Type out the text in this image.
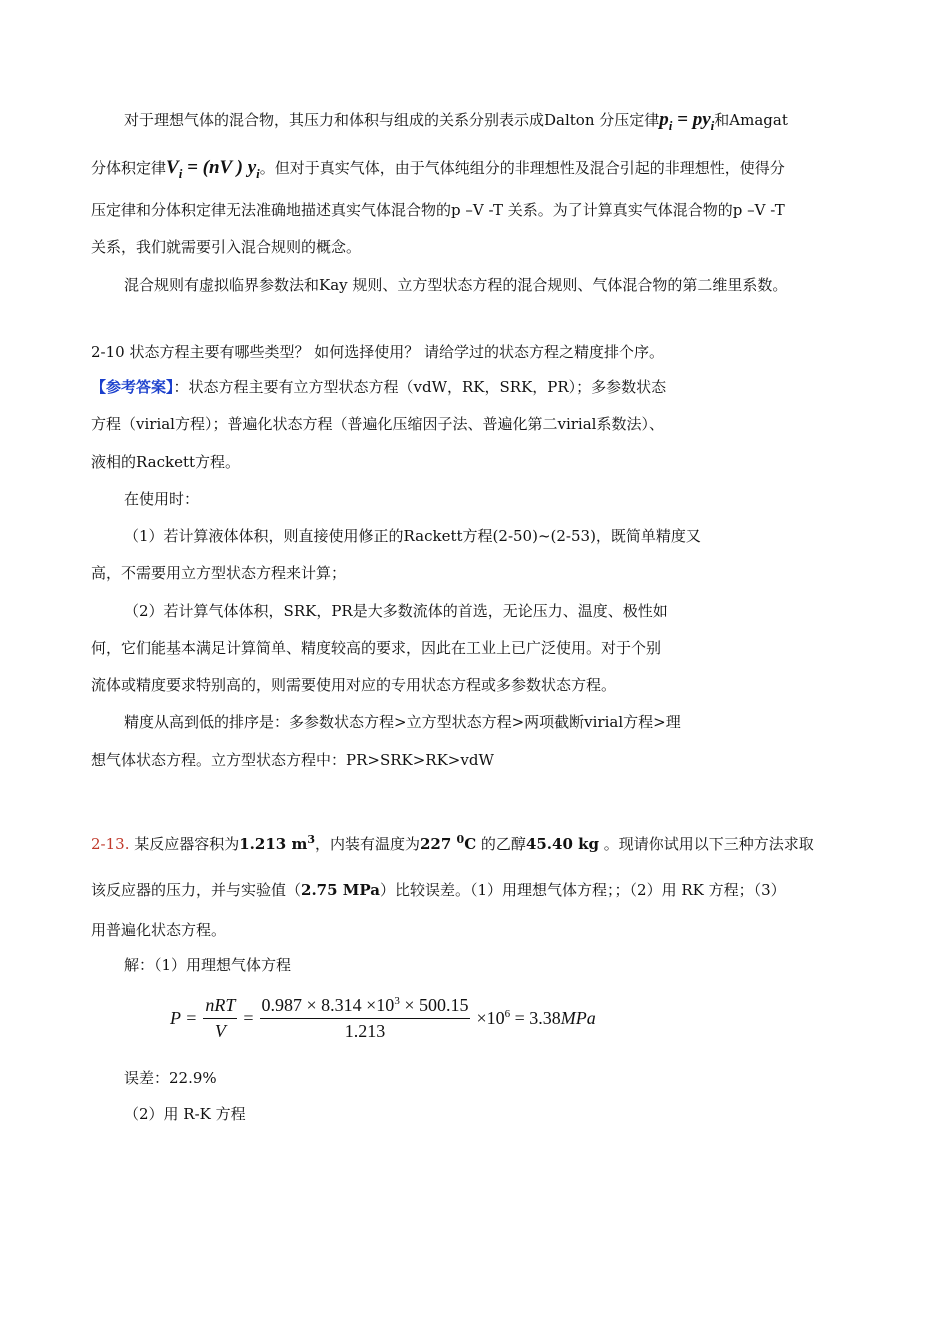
对于理想气体的混合物，其压力和体积与组成的关系分别表示成Dalton 分压定律$p_i = py_i$和Amagat
分体积定律$V_i = (nV$ ) $y_i$。但对于真实气体，由于气体纯组分的非理想性及混合引起的非理想性，使得分
压定律和分体积定律无法准确地描述真实气体混合物的p –V -T 关系。为了计算真实气体混合物的p –V -T
关系，我们就需要引入混合规则的概念。
混合规则有虚拟临界参数法和Kay 规则、立方型状态方程的混合规则、气体混合物的第二维里系数。
2-10 状态方程主要有哪些类型？ 如何选择使用？ 请给学过的状态方程之精度排个序。
【参考答案】：状态方程主要有立方型状态方程（vdW，RK，SRK，PR）；多参数状态
方程（virial方程）；普遍化状态方程（普遍化压缩因子法、普遍化第二virial系数法）、
液相的Rackett方程。
在使用时：
（1）若计算液体体积，则直接使用修正的Rackett方程(2-50)~(2-53)，既简单精度又
高，不需要用立方型状态方程来计算；
（2）若计算气体体积，SRK，PR是大多数流体的首选，无论压力、温度、极性如
何，它们能基本满足计算简单、精度较高的要求，因此在工业上已广泛使用。对于个别
流体或精度要求特别高的，则需要使用对应的专用状态方程或多参数状态方程。
精度从高到低的排序是：多参数状态方程>立方型状态方程>两项截断virial方程>理
想气体状态方程。立方型状态方程中：PR>SRK>RK>vdW
2-13. 某反应器容积为1.213 $m^3$，内装有温度为227 $^0$C 的乙醇45.40 kg 。现请你试用以下三种方法求取
该反应器的压力，并与实验值（2.75 MPa）比较误差。（1）用理想气体方程；；（2）用 RK 方程；（3）
用普遍化状态方程。
解：（1）用理想气体方程
$P = \frac{\text{nRT}}{V} = \frac{0.987 \times 8.314 \times 10^3 \times 500.15}{1.213} \times 10^6 = 3.38MPa$
误差：22.9%
（2）用 R-K 方程
